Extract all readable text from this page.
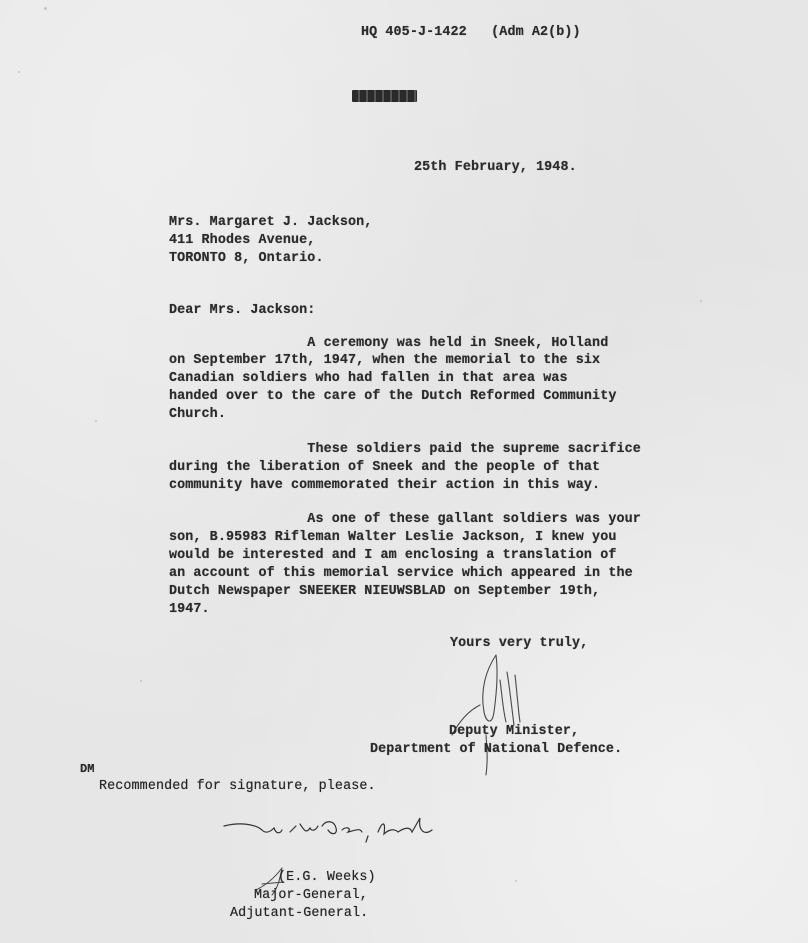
HQ 405-J-1422   (Adm A2(b))
25th February, 1948.
Mrs. Margaret J. Jackson,
411 Rhodes Avenue,
TORONTO 8, Ontario.
Dear Mrs. Jackson:
A ceremony was held in Sneek, Holland
on September 17th, 1947, when the memorial to the six
Canadian soldiers who had fallen in that area was
handed over to the care of the Dutch Reformed Community
Church.
These soldiers paid the supreme sacrifice
during the liberation of Sneek and the people of that
community have commemorated their action in this way.
As one of these gallant soldiers was your
son, B.95983 Rifleman Walter Leslie Jackson, I knew you
would be interested and I am enclosing a translation of
an account of this memorial service which appeared in the
Dutch Newspaper SNEEKER NIEUWSBLAD on September 19th,
1947.
Yours very truly,
Deputy Minister,
Department of National Defence.
DM
Recommended for signature, please.
(E.G. Weeks)
Major-General,
Adjutant-General.
